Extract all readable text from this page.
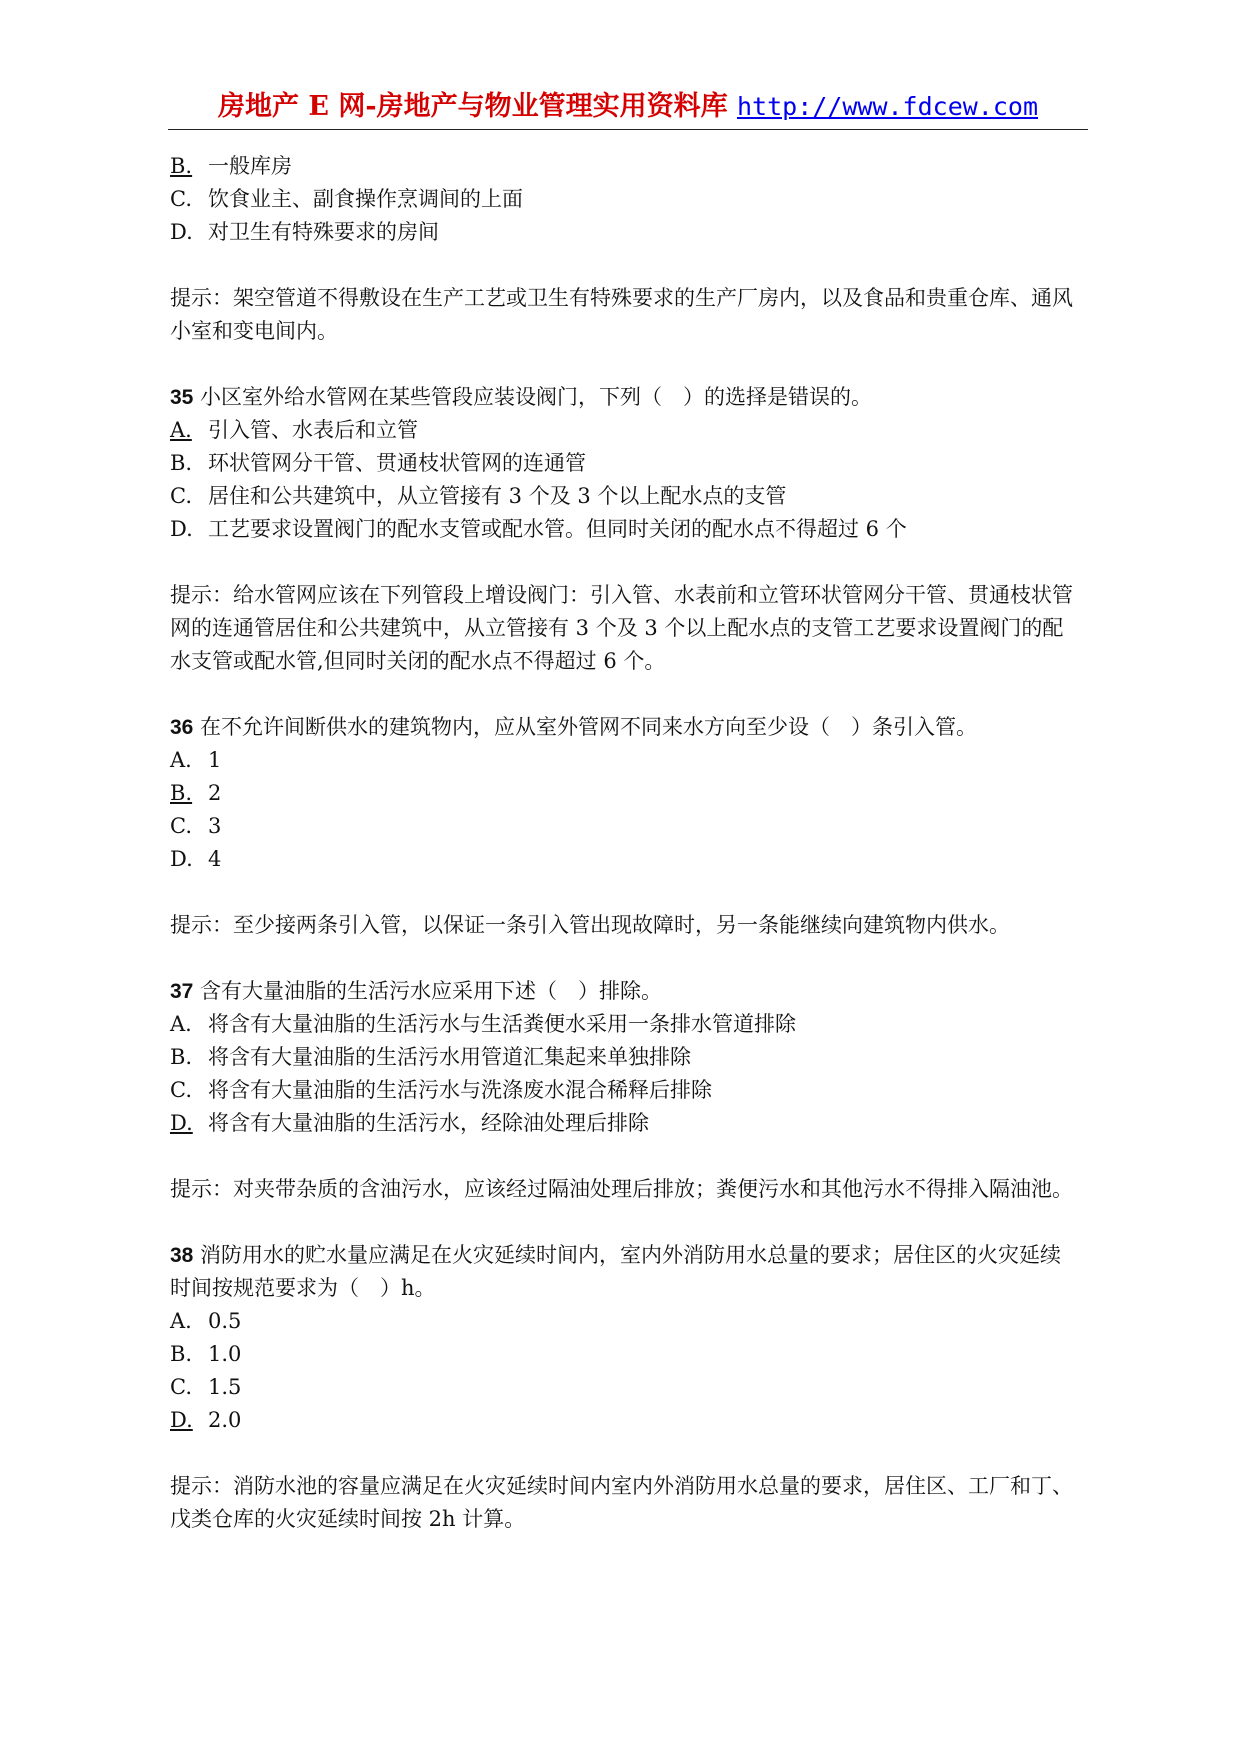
房地产 E 网-房地产与物业管理实用资料库 http://www.fdcew.com
B. 一般库房
C. 饮食业主、副食操作烹调间的上面
D. 对卫生有特殊要求的房间
提示：架空管道不得敷设在生产工艺或卫生有特殊要求的生产厂房内，以及食品和贵重仓库、通风小室和变电间内。
35 小区室外给水管网在某些管段应装设阀门，下列（　）的选择是错误的。
A. 引入管、水表后和立管
B. 环状管网分干管、贯通枝状管网的连通管
C. 居住和公共建筑中，从立管接有 3 个及 3 个以上配水点的支管
D. 工艺要求设置阀门的配水支管或配水管。但同时关闭的配水点不得超过 6 个
提示：给水管网应该在下列管段上增设阀门：引入管、水表前和立管环状管网分干管、贯通枝状管网的连通管居住和公共建筑中，从立管接有 3 个及 3 个以上配水点的支管工艺要求设置阀门的配水支管或配水管,但同时关闭的配水点不得超过 6 个。
36 在不允许间断供水的建筑物内，应从室外管网不同来水方向至少设（　）条引入管。
A. 1
B. 2
C. 3
D. 4
提示：至少接两条引入管，以保证一条引入管出现故障时，另一条能继续向建筑物内供水。
37 含有大量油脂的生活污水应采用下述（　）排除。
A. 将含有大量油脂的生活污水与生活粪便水采用一条排水管道排除
B. 将含有大量油脂的生活污水用管道汇集起来单独排除
C. 将含有大量油脂的生活污水与洗涤废水混合稀释后排除
D. 将含有大量油脂的生活污水，经除油处理后排除
提示：对夹带杂质的含油污水，应该经过隔油处理后排放；粪便污水和其他污水不得排入隔油池。
38 消防用水的贮水量应满足在火灾延续时间内，室内外消防用水总量的要求；居住区的火灾延续时间按规范要求为（　）h。
A. 0.5
B. 1.0
C. 1.5
D. 2.0
提示：消防水池的容量应满足在火灾延续时间内室内外消防用水总量的要求，居住区、工厂和丁、戊类仓库的火灾延续时间按 2h 计算。
